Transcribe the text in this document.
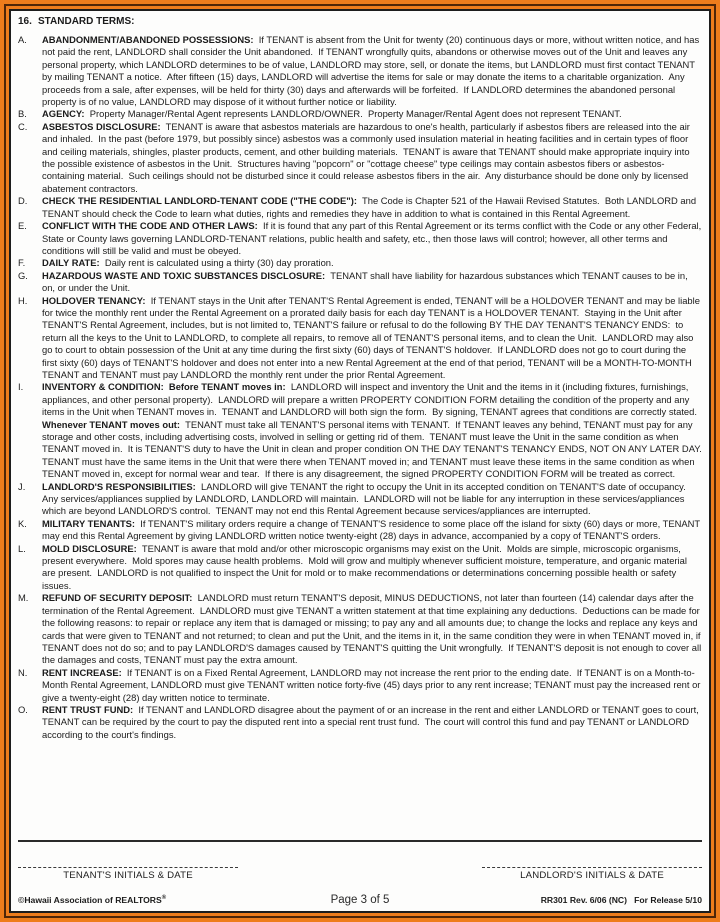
16. STANDARD TERMS:
A. ABANDONMENT/ABANDONED POSSESSIONS:  If TENANT is absent from the Unit for twenty (20) continuous days or more, without written notice, and has not paid the rent, LANDLORD shall consider the Unit abandoned.  If TENANT wrongfully quits, abandons or otherwise moves out of the Unit and leaves any personal property, which LANDLORD determines to be of value, LANDLORD may store, sell, or donate the items, but LANDLORD must first contact TENANT by mailing TENANT a notice.  After fifteen (15) days, LANDLORD will advertise the items for sale or may donate the items to a charitable organization.  Any proceeds from a sale, after expenses, will be held for thirty (30) days and afterwards will be forfeited.  If LANDLORD determines the abandoned personal property is of no value, LANDLORD may dispose of it without further notice or liability.
B. AGENCY:  Property Manager/Rental Agent represents LANDLORD/OWNER.  Property Manager/Rental Agent does not represent TENANT.
C. ASBESTOS DISCLOSURE:  TENANT is aware that asbestos materials are hazardous to one's health, particularly if asbestos fibers are released into the air and inhaled.  In the past (before 1979, but possibly since) asbestos was a commonly used insulation material in heating facilities and in certain types of floor and ceiling materials, shingles, plaster products, cement, and other building materials.  TENANT is aware that TENANT should make appropriate inquiry into the possible existence of asbestos in the Unit.  Structures having "popcorn" or "cottage cheese" type ceilings may contain asbestos fibers or asbestos-containing material.  Such ceilings should not be disturbed since it could release asbestos fibers in the air.  Any disturbance should be done only by licensed abatement contractors.
D. CHECK THE RESIDENTIAL LANDLORD-TENANT CODE ("THE CODE"):  The Code is Chapter 521 of the Hawaii Revised Statutes.  Both LANDLORD and TENANT should check the Code to learn what duties, rights and remedies they have in addition to what is contained in this Rental Agreement.
E. CONFLICT WITH THE CODE AND OTHER LAWS:  If it is found that any part of this Rental Agreement or its terms conflict with the Code or any other Federal, State or County laws governing LANDLORD-TENANT relations, public health and safety, etc., then those laws will control; however, all other terms and conditions will still be valid and must be obeyed.
F. DAILY RATE:  Daily rent is calculated using a thirty (30) day proration.
G. HAZARDOUS WASTE AND TOXIC SUBSTANCES DISCLOSURE:  TENANT shall have liability for hazardous substances which TENANT causes to be in, on, or under the Unit.
H. HOLDOVER TENANCY:  If TENANT stays in the Unit after TENANT'S Rental Agreement is ended, TENANT will be a HOLDOVER TENANT and may be liable for twice the monthly rent under the Rental Agreement on a prorated daily basis for each day TENANT is a HOLDOVER TENANT.  Staying in the Unit after TENANT'S Rental Agreement, includes, but is not limited to, TENANT'S failure or refusal to do the following BY THE DAY TENANT'S TENANCY ENDS:  to return all the keys to the Unit to LANDLORD, to complete all repairs, to remove all of TENANT'S personal items, and to clean the Unit.  LANDLORD may also go to court to obtain possession of the Unit at any time during the first sixty (60) days of TENANT'S holdover.  If LANDLORD does not go to court during the first sixty (60) days of TENANT'S holdover and does not enter into a new Rental Agreement at the end of that period, TENANT will be a MONTH-TO-MONTH TENANT and TENANT must pay LANDLORD the monthly rent under the prior Rental Agreement.
I. INVENTORY & CONDITION:  Before TENANT moves in:  LANDLORD will inspect and inventory the Unit and the items in it (including fixtures, furnishings, appliances, and other personal property).  LANDLORD will prepare a written PROPERTY CONDITION FORM detailing the condition of the property and any items in the Unit when TENANT moves in.  TENANT and LANDLORD will both sign the form.  By signing, TENANT agrees that conditions are correctly stated.  Whenever TENANT moves out:  TENANT must take all TENANT'S personal items with TENANT.  If TENANT leaves any behind, TENANT must pay for any storage and other costs, including advertising costs, involved in selling or getting rid of them.  TENANT must leave the Unit in the same condition as when TENANT moved in.  It is TENANT'S duty to have the Unit in clean and proper condition ON THE DAY TENANT'S TENANCY ENDS, NOT ON ANY LATER DAY.  TENANT must have the same items in the Unit that were there when TENANT moved in; and TENANT must leave these items in the same condition as when TENANT moved in, except for normal wear and tear.  If there is any disagreement, the signed PROPERTY CONDITION FORM will be treated as correct.
J. LANDLORD'S RESPONSIBILITIES:  LANDLORD will give TENANT the right to occupy the Unit in its accepted condition on TENANT'S date of occupancy.  Any services/appliances supplied by LANDLORD, LANDLORD will maintain.  LANDLORD will not be liable for any interruption in these services/appliances which are beyond LANDLORD'S control.  TENANT may not end this Rental Agreement because services/appliances are interrupted.
K. MILITARY TENANTS:  If TENANT'S military orders require a change of TENANT'S residence to some place off the island for sixty (60) days or more, TENANT may end this Rental Agreement by giving LANDLORD written notice twenty-eight (28) days in advance, accompanied by a copy of TENANT'S orders.
L. MOLD DISCLOSURE:  TENANT is aware that mold and/or other microscopic organisms may exist on the Unit.  Molds are simple, microscopic organisms, present everywhere.  Mold spores may cause health problems.  Mold will grow and multiply whenever sufficient moisture, temperature, and organic material are present.  LANDLORD is not qualified to inspect the Unit for mold or to make recommendations or determinations concerning possible health or safety issues.
M. REFUND OF SECURITY DEPOSIT:  LANDLORD must return TENANT'S deposit, MINUS DEDUCTIONS, not later than fourteen (14) calendar days after the termination of the Rental Agreement.  LANDLORD must give TENANT a written statement at that time explaining any deductions.  Deductions can be made for the following reasons: to repair or replace any item that is damaged or missing; to pay any and all amounts due; to change the locks and replace any keys and cards that were given to TENANT and not returned; to clean and put the Unit, and the items in it, in the same condition they were in when TENANT moved in, if TENANT does not do so; and to pay LANDLORD'S damages caused by TENANT'S quitting the Unit wrongfully.  If TENANT'S deposit is not enough to cover all the damages and costs, TENANT must pay the extra amount.
N. RENT INCREASE:  If TENANT is on a Fixed Rental Agreement, LANDLORD may not increase the rent prior to the ending date.  If TENANT is on a Month-to-Month Rental Agreement, LANDLORD must give TENANT written notice forty-five (45) days prior to any rent increase; TENANT must pay the increased rent or give a twenty-eight (28) day written notice to terminate.
O. RENT TRUST FUND:  If TENANT and LANDLORD disagree about the payment of or an increase in the rent and either LANDLORD or TENANT goes to court, TENANT can be required by the court to pay the disputed rent into a special rent trust fund.  The court will control this fund and pay TENANT or LANDLORD according to the court's findings.
TENANT'S INITIALS & DATE	LANDLORD'S INITIALS & DATE
©Hawaii Association of REALTORS®	Page 3 of 5	RR301 Rev. 6/06 (NC)   For Release 5/10
